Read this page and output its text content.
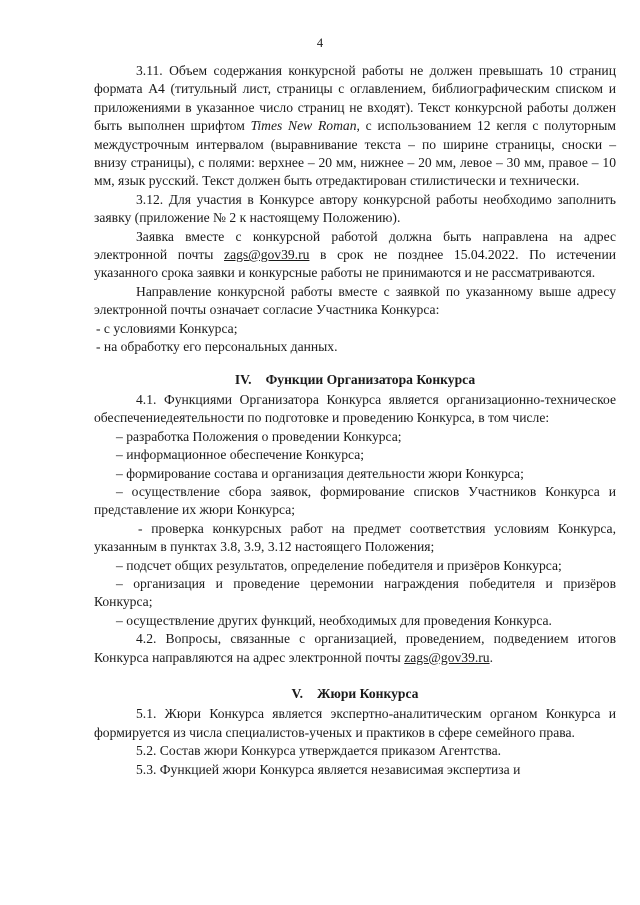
4

3.11. Объем содержания конкурсной работы не должен превышать 10 страниц формата А4 (титульный лист, страницы с оглавлением, библиографическим списком и приложениями в указанное число страниц не входят). Текст конкурсной работы должен быть выполнен шрифтом Times New Roman, с использованием 12 кегля с полуторным междустрочным интервалом (выравнивание текста – по ширине страницы, сноски – внизу страницы), с полями: верхнее – 20 мм, нижнее – 20 мм, левое – 30 мм, правое – 10 мм, язык русский. Текст должен быть отредактирован стилистически и технически.

3.12. Для участия в Конкурсе автору конкурсной работы необходимо заполнить заявку (приложение № 2 к настоящему Положению).

Заявка вместе с конкурсной работой должна быть направлена на адрес электронной почты zags@gov39.ru в срок не позднее 15.04.2022. По истечении указанного срока заявки и конкурсные работы не принимаются и не рассматриваются.

Направление конкурсной работы вместе с заявкой по указанному выше адресу электронной почты означает согласие Участника Конкурса:

- с условиями Конкурса;

- на обработку его персональных данных.

IV. Функции Организатора Конкурса

4.1. Функциями Организатора Конкурса является организационно-техническое обеспечениедеятельности по подготовке и проведению Конкурса, в том числе:

– разработка Положения о проведении Конкурса;

– информационное обеспечение Конкурса;

– формирование состава и организация деятельности жюри Конкурса;

– осуществление сбора заявок, формирование списков Участников Конкурса и представление их жюри Конкурса;

- проверка конкурсных работ на предмет соответствия условиям Конкурса, указанным в пунктах 3.8, 3.9, 3.12 настоящего Положения;

– подсчет общих результатов, определение победителя и призёров Конкурса;

– организация и проведение церемонии награждения победителя и призёров Конкурса;

– осуществление других функций, необходимых для проведения Конкурса.

4.2. Вопросы, связанные с организацией, проведением, подведением итогов Конкурса направляются на адрес электронной почты zags@gov39.ru.

V. Жюри Конкурса

5.1. Жюри Конкурса является экспертно-аналитическим органом Конкурса и формируется из числа специалистов-ученых и практиков в сфере семейного права.

5.2. Состав жюри Конкурса утверждается приказом Агентства.

5.3. Функцией жюри Конкурса является независимая экспертиза и
